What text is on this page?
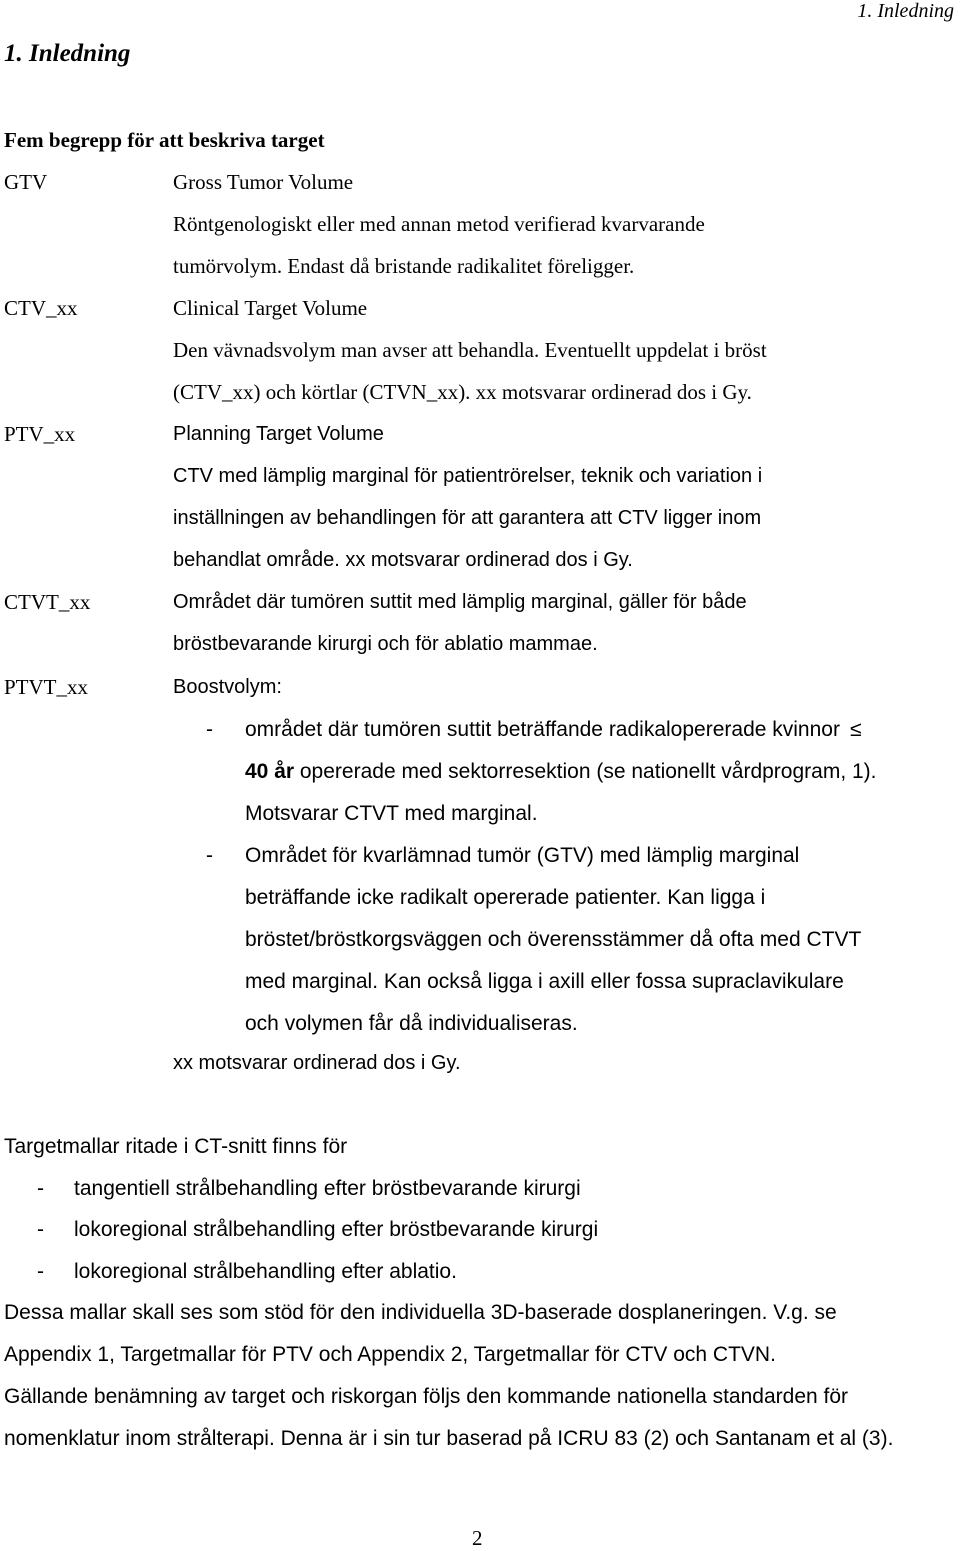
1. Inledning
1. Inledning
Fem begrepp för att beskriva target
GTV	Gross Tumor Volume
Röntgenologiskt eller med annan metod verifierad kvarvarande
tumörvolym. Endast då bristande radikalitet föreligger.
CTV_xx	Clinical Target Volume
Den vävnadsvolym man avser att behandla. Eventuellt uppdelat i bröst
(CTV_xx) och körtlar (CTVN_xx). xx motsvarar ordinerad dos i Gy.
PTV_xx	Planning Target Volume
CTV med lämplig marginal för patientrörelser, teknik och variation i
inställningen av behandlingen för att garantera att CTV ligger inom
behandlat område. xx motsvarar ordinerad dos i Gy.
CTVT_xx	Området där tumören suttit med lämplig marginal, gäller för både
bröstbevarande kirurgi och för ablatio mammae.
PTVT_xx	Boostvolym:
- området där tumören suttit beträffande radikalopererade kvinnor ≤
40 år opererade med sektorresektion (se nationellt vårdprogram, 1).
Motsvarar CTVT med marginal.
- Området för kvarlämnad tumör (GTV) med lämplig marginal
beträffande icke radikalt opererade patienter. Kan ligga i
bröstet/bröstkorgsväggen och överensstämmer då ofta med CTVT
med marginal. Kan också ligga i axill eller fossa supraclavikulare
och volymen får då individualiseras.
xx motsvarar ordinerad dos i Gy.
Targetmallar ritade i CT-snitt finns för
- tangentiell strålbehandling efter bröstbevarande kirurgi
- lokoregional strålbehandling efter bröstbevarande kirurgi
- lokoregional strålbehandling efter ablatio.
Dessa mallar skall ses som stöd för den individuella 3D-baserade dosplaneringen. V.g. se
Appendix 1, Targetmallar för PTV och Appendix 2, Targetmallar för CTV och CTVN.
Gällande benämning av target och riskorgan följs den kommande nationella standarden för
nomenklatur inom strålterapi. Denna är i sin tur baserad på ICRU 83 (2) och Santanam et al (3).
2
